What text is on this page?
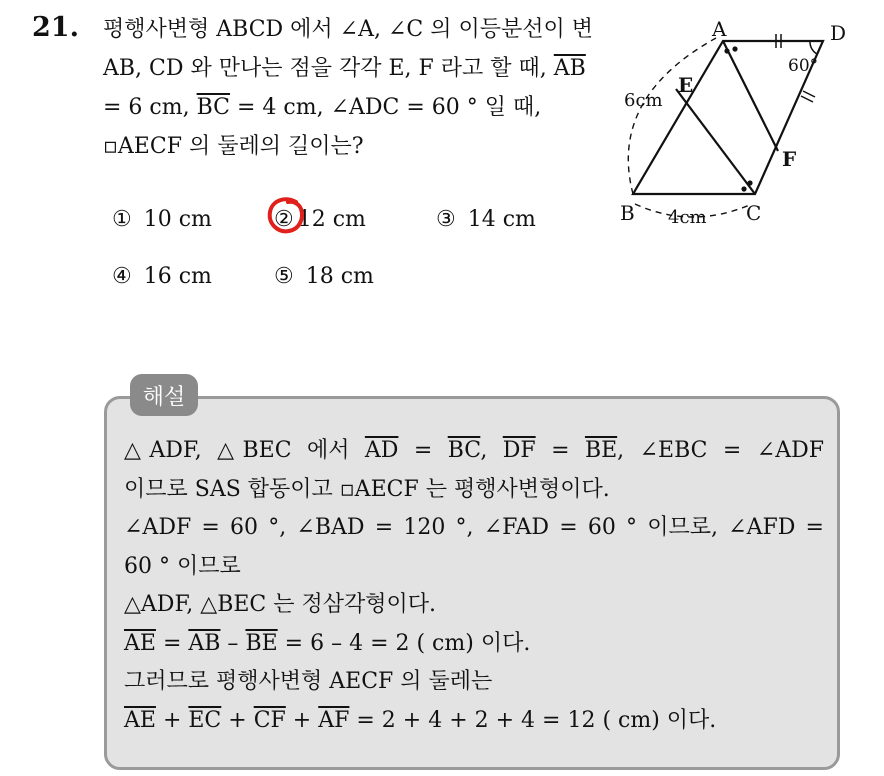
21. 평행사변형 ABCD 에서 ∠A, ∠C 의 이등분선이 변 AB, CD 와 만나는 점을 각각 E, F 라고 할 때, $\overline{AB} = 6$ cm, $\overline{BC} = 4$ cm, ∠ADC = 60 ° 일 때, ▫AECF 의 둘레의 길이는?
① 10 cm	② 12 cm	③ 14 cm
④ 16 cm	⑤ 18 cm
A	D
E
F
B	C
6cm
4cm
60°
해설
△ADF, △BEC 에서 $\overline{AD} = \overline{BC}$, $\overline{DF} = \overline{BE}$, ∠EBC = ∠ADF
이므로 SAS 합동이고 ▫AECF 는 평행사변형이다.
∠ADF = 60 °, ∠BAD = 120 °, ∠FAD = 60 ° 이므로, ∠AFD =
60 ° 이므로
△ADF, △BEC 는 정삼각형이다.
$\overline{AE} = \overline{AB} - \overline{BE} = 6 - 4 = 2$ ( cm) 이다.
그러므로 평행사변형 AECF 의 둘레는
$\overline{AE} + \overline{EC} + \overline{CF} + \overline{AF} = 2 + 4 + 2 + 4 = 12$ ( cm) 이다.
